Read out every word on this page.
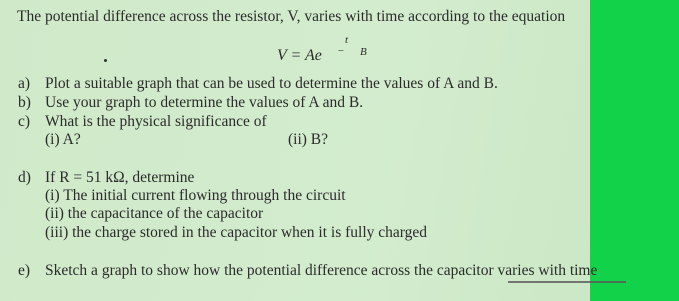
The potential difference across the resistor, V, varies with time according to the equation
V = Ae
t
− B
a) Plot a suitable graph that can be used to determine the values of A and B.
b) Use your graph to determine the values of A and B.
c) What is the physical significance of
(i) A?	(ii) B?
d) If R = 51 kΩ, determine
(i) The initial current flowing through the circuit
(ii) the capacitance of the capacitor
(iii) the charge stored in the capacitor when it is fully charged
e) Sketch a graph to show how the potential difference across the capacitor varies with time
